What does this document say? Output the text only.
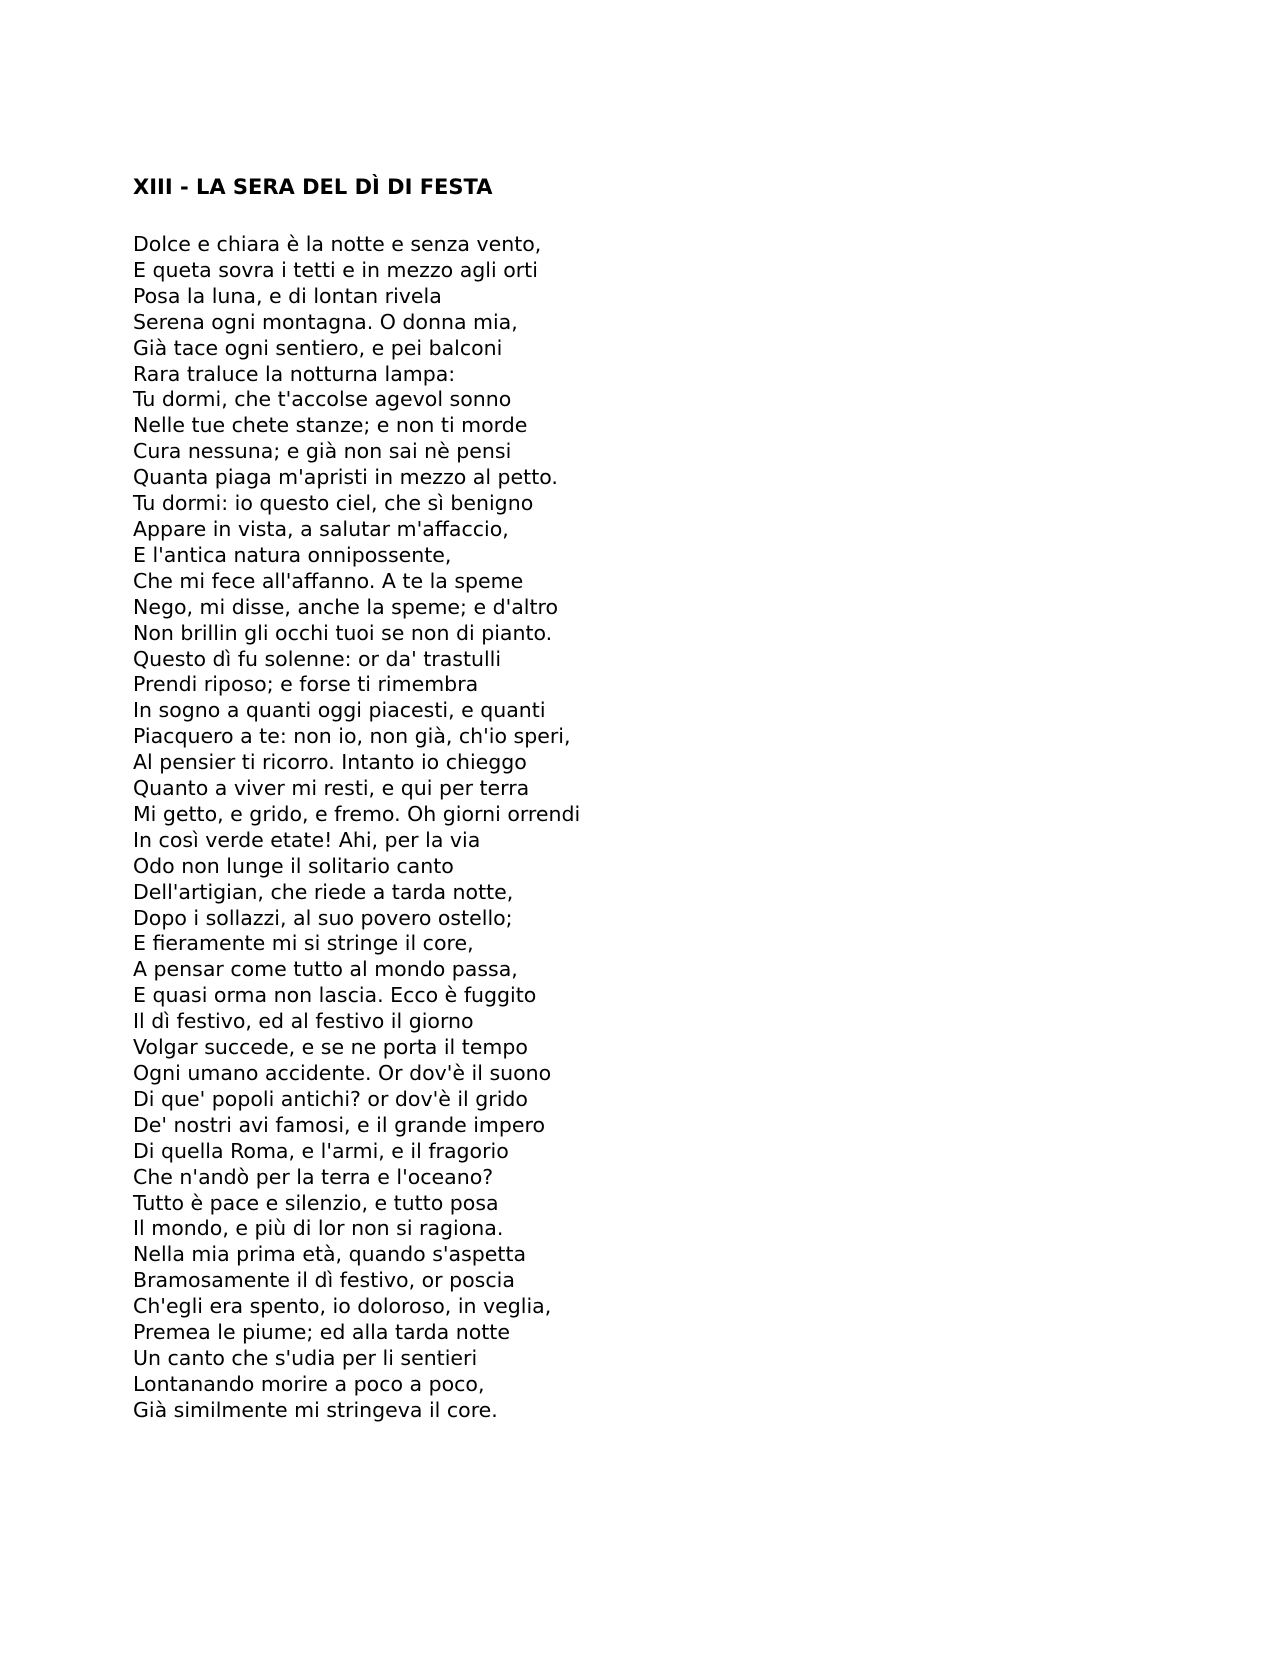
XIII - LA SERA DEL DÌ DI FESTA
Dolce e chiara è la notte e senza vento,
E queta sovra i tetti e in mezzo agli orti
Posa la luna, e di lontan rivela
Serena ogni montagna. O donna mia,
Già tace ogni sentiero, e pei balconi
Rara traluce la notturna lampa:
Tu dormi, che t'accolse agevol sonno
Nelle tue chete stanze; e non ti morde
Cura nessuna; e già non sai nè pensi
Quanta piaga m'apristi in mezzo al petto.
Tu dormi: io questo ciel, che sì benigno
Appare in vista, a salutar m'affaccio,
E l'antica natura onnipossente,
Che mi fece all'affanno. A te la speme
Nego, mi disse, anche la speme; e d'altro
Non brillin gli occhi tuoi se non di pianto.
Questo dì fu solenne: or da' trastulli
Prendi riposo; e forse ti rimembra
In sogno a quanti oggi piacesti, e quanti
Piacquero a te: non io, non già, ch'io speri,
Al pensier ti ricorro. Intanto io chieggo
Quanto a viver mi resti, e qui per terra
Mi getto, e grido, e fremo. Oh giorni orrendi
In così verde etate! Ahi, per la via
Odo non lunge il solitario canto
Dell'artigian, che riede a tarda notte,
Dopo i sollazzi, al suo povero ostello;
E fieramente mi si stringe il core,
A pensar come tutto al mondo passa,
E quasi orma non lascia. Ecco è fuggito
Il dì festivo, ed al festivo il giorno
Volgar succede, e se ne porta il tempo
Ogni umano accidente. Or dov'è il suono
Di que' popoli antichi? or dov'è il grido
De' nostri avi famosi, e il grande impero
Di quella Roma, e l'armi, e il fragorio
Che n'andò per la terra e l'oceano?
Tutto è pace e silenzio, e tutto posa
Il mondo, e più di lor non si ragiona.
Nella mia prima età, quando s'aspetta
Bramosamente il dì festivo, or poscia
Ch'egli era spento, io doloroso, in veglia,
Premea le piume; ed alla tarda notte
Un canto che s'udia per li sentieri
Lontanando morire a poco a poco,
Già similmente mi stringeva il core.
